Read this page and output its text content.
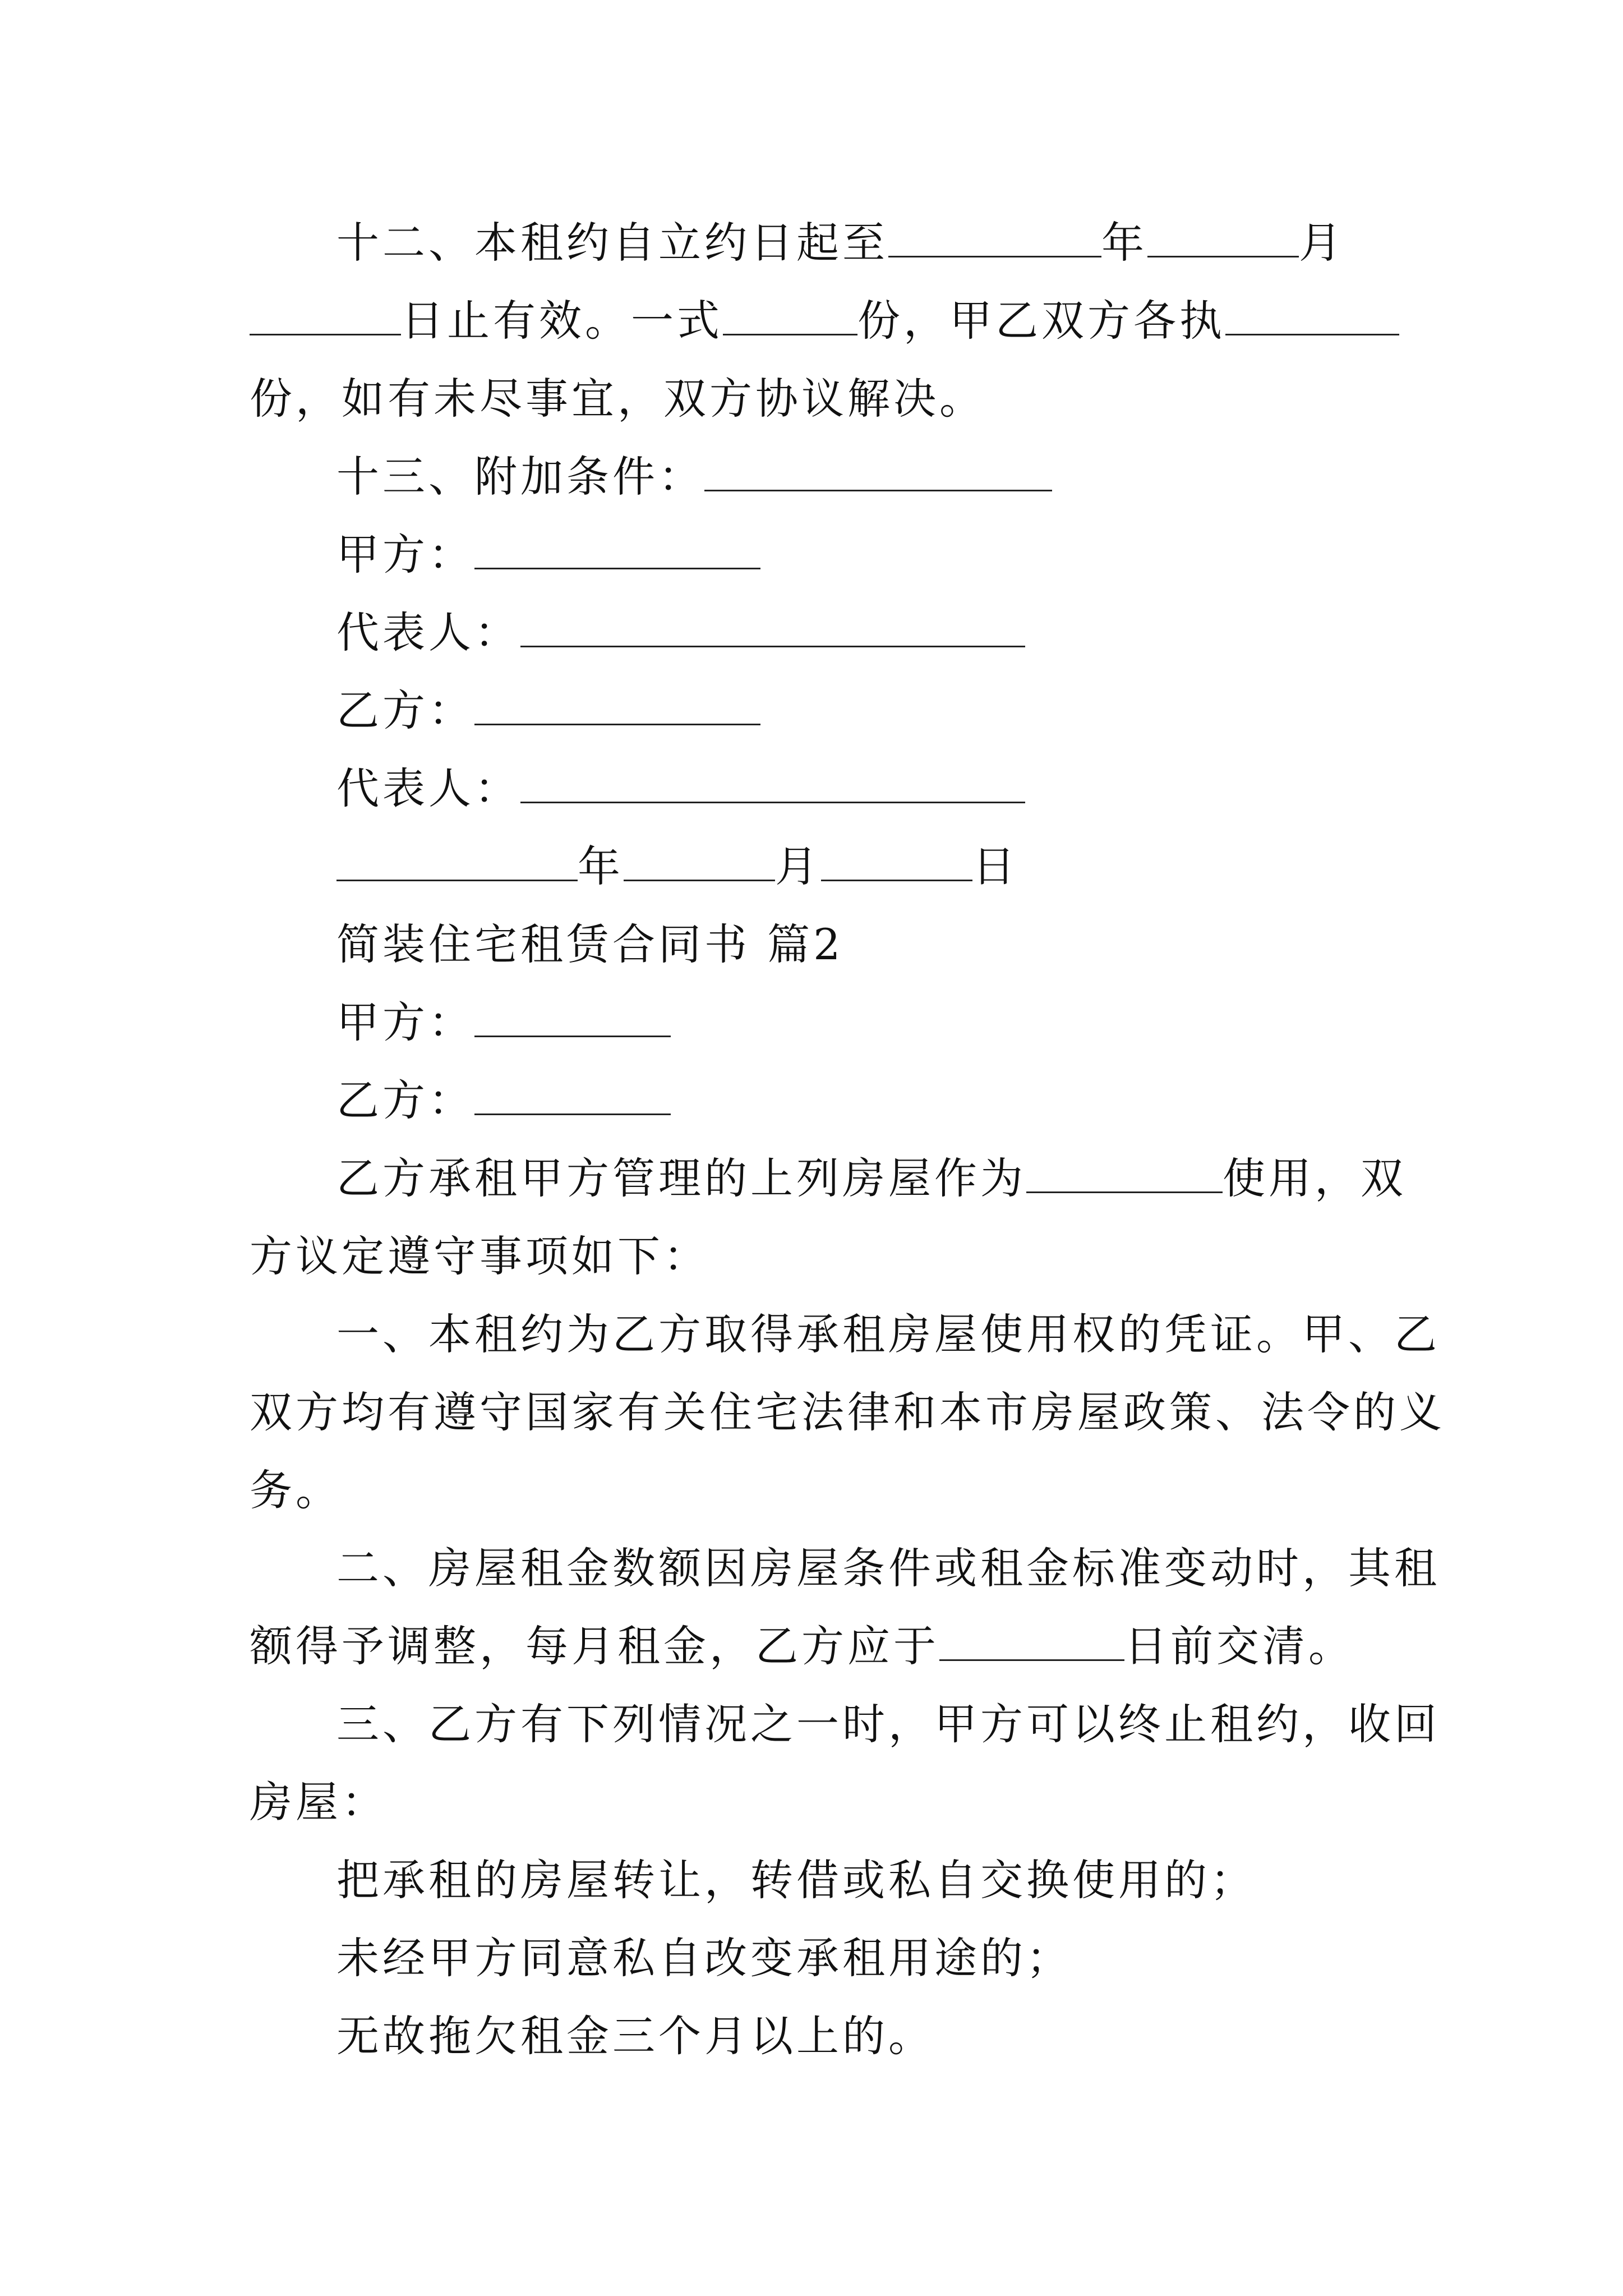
十二、本租约自立约日起至	年	月
日止有效。一式	份，甲乙双方各执
份，如有未尽事宜，双方协议解决。
十三、附加条件：
甲方：
代表人：
乙方：
代表人：
年	月	日
简装住宅租赁合同书 篇2
甲方：
乙方：
乙方承租甲方管理的上列房屋作为	使用，双
方议定遵守事项如下：
一、本租约为乙方取得承租房屋使用权的凭证。甲、乙
双方均有遵守国家有关住宅法律和本市房屋政策、法令的义
务。
二、房屋租金数额因房屋条件或租金标准变动时，其租
额得予调整，每月租金，乙方应于	日前交清。
三、乙方有下列情况之一时，甲方可以终止租约，收回
房屋：
把承租的房屋转让，转借或私自交换使用的；
未经甲方同意私自改变承租用途的；
无故拖欠租金三个月以上的。
